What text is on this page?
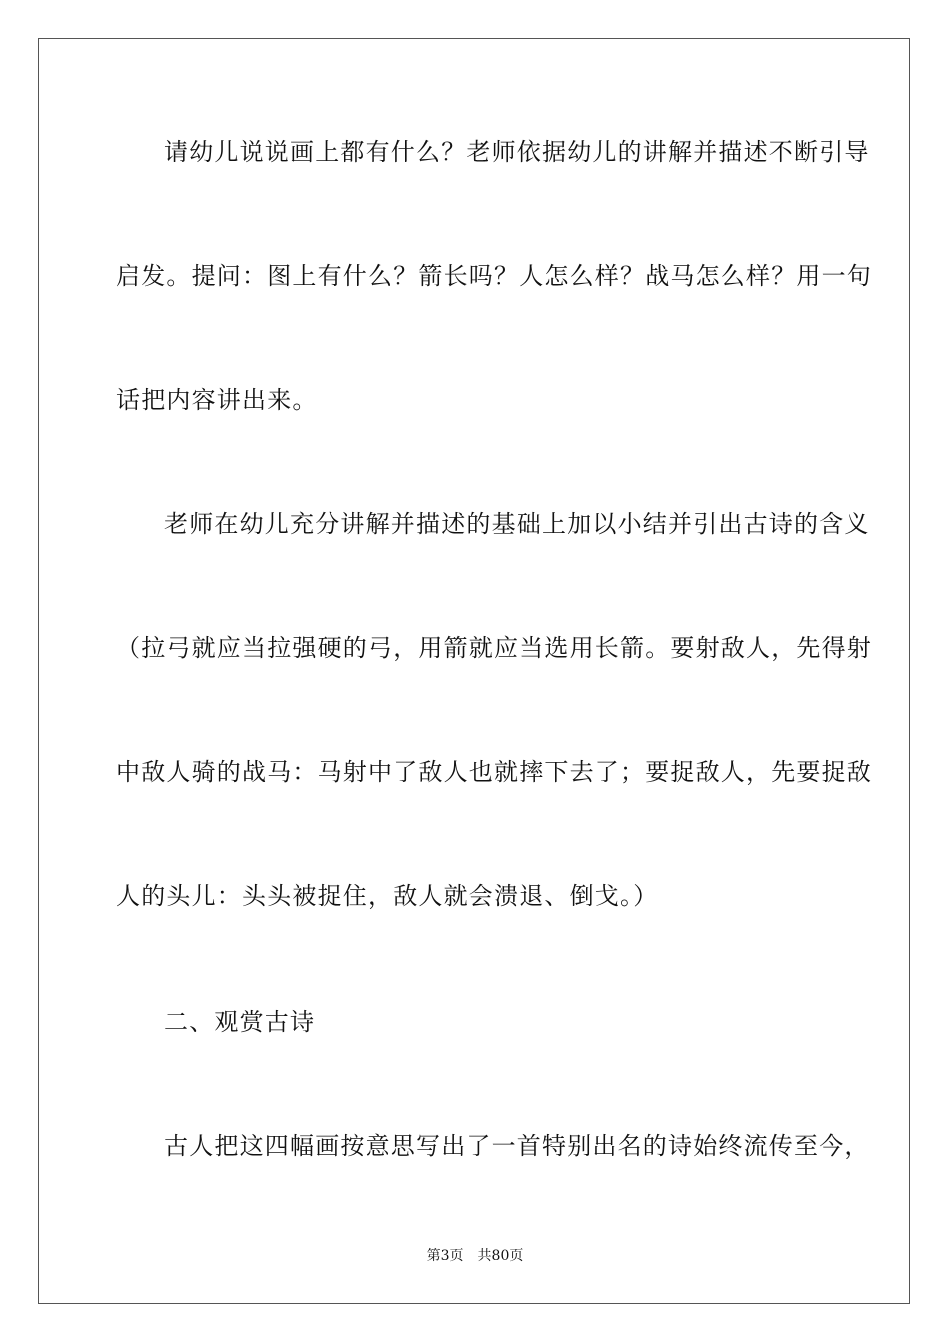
请幼儿说说画上都有什么？老师依据幼儿的讲解并描述不断引导
启发。提问：图上有什么？箭长吗？人怎么样？战马怎么样？用一句
话把内容讲出来。
老师在幼儿充分讲解并描述的基础上加以小结并引出古诗的含义
（拉弓就应当拉强硬的弓，用箭就应当选用长箭。要射敌人，先得射
中敌人骑的战马：马射中了敌人也就摔下去了；要捉敌人，先要捉敌
人的头儿：头头被捉住，敌人就会溃退、倒戈。）
二、观赏古诗
古人把这四幅画按意思写出了一首特别出名的诗始终流传至今，
第3页 共80页
